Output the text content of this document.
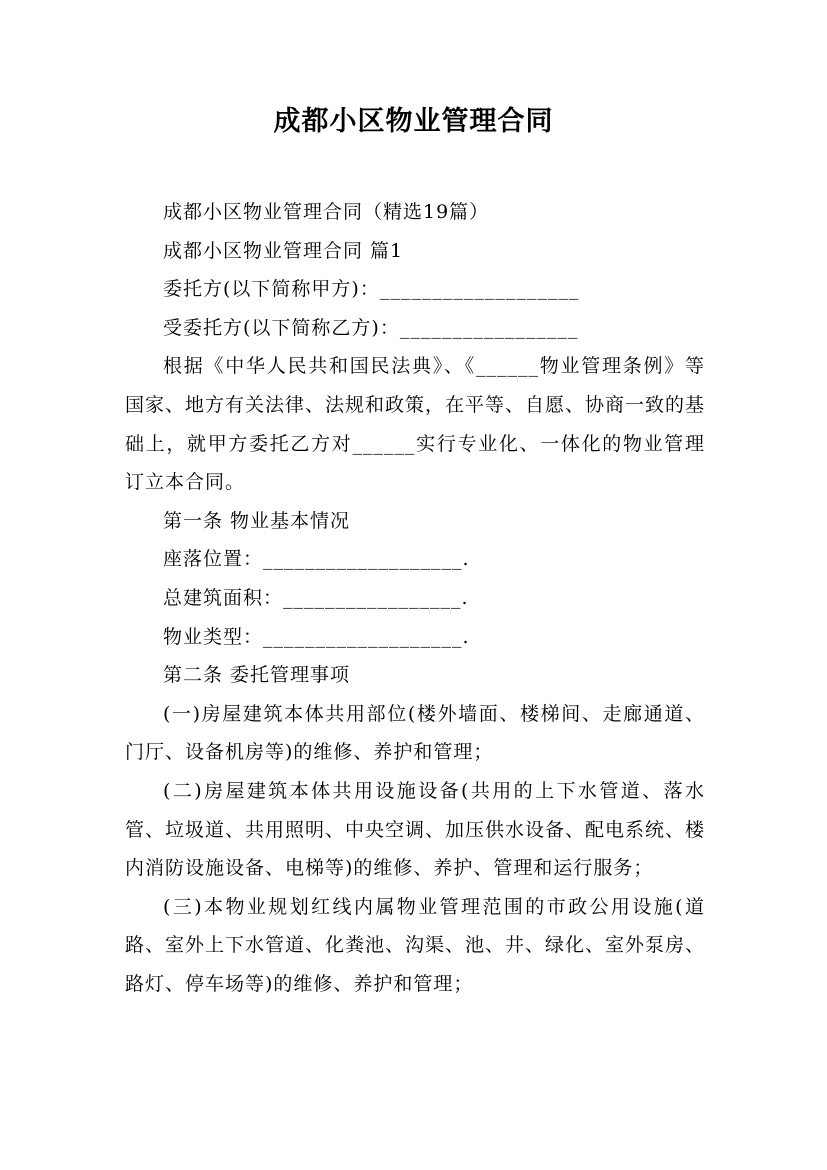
成都小区物业管理合同

成都小区物业管理合同（精选19篇）

成都小区物业管理合同 篇1

委托方(以下简称甲方)：___________________

受委托方(以下简称乙方)：_________________

根据《中华人民共和国民法典》、《______物业管理条例》等国家、地方有关法律、法规和政策，在平等、自愿、协商一致的基础上，就甲方委托乙方对______实行专业化、一体化的物业管理订立本合同。

第一条 物业基本情况

座落位置：___________________.

总建筑面积：_________________.

物业类型：___________________.

第二条 委托管理事项

(一)房屋建筑本体共用部位(楼外墙面、楼梯间、走廊通道、门厅、设备机房等)的维修、养护和管理；

(二)房屋建筑本体共用设施设备(共用的上下水管道、落水管、垃圾道、共用照明、中央空调、加压供水设备、配电系统、楼内消防设施设备、电梯等)的维修、养护、管理和运行服务；

(三)本物业规划红线内属物业管理范围的市政公用设施(道路、室外上下水管道、化粪池、沟渠、池、井、绿化、室外泵房、路灯、停车场等)的维修、养护和管理；
